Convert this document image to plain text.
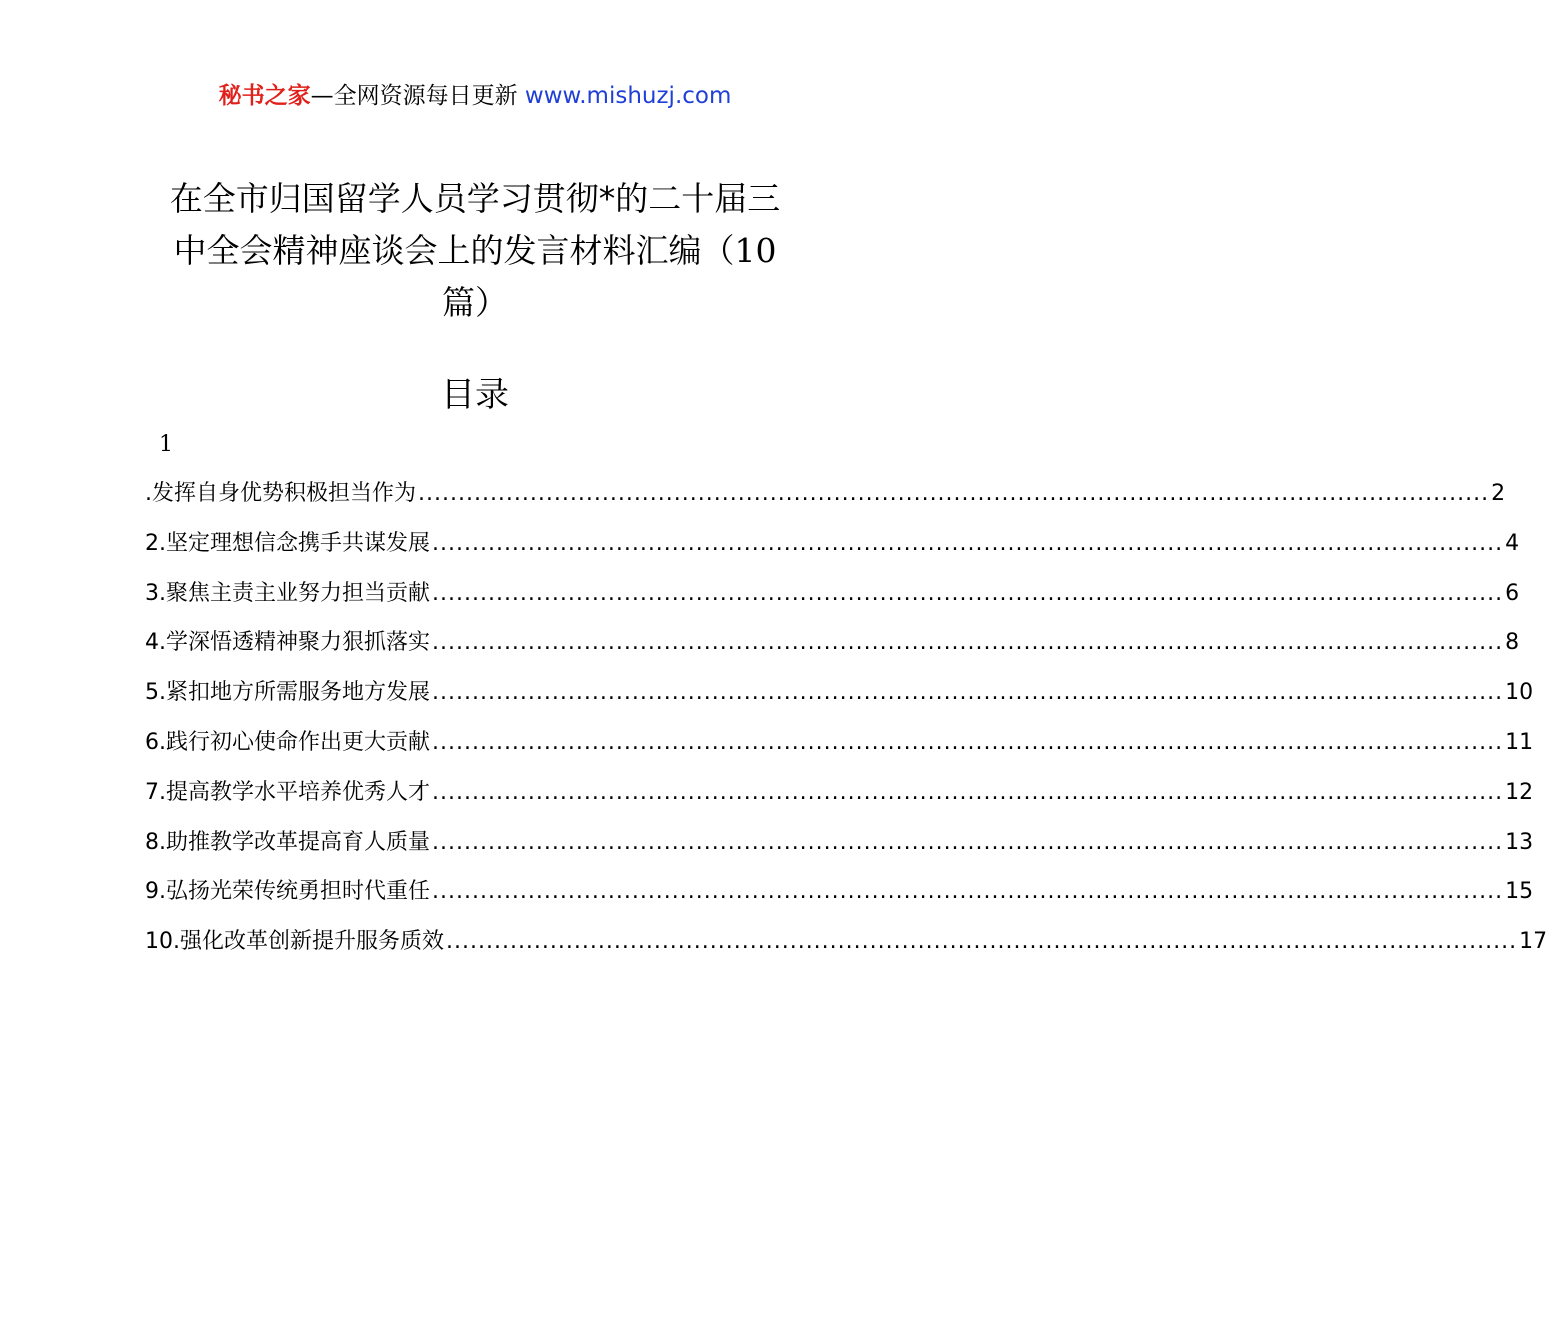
秘书之家—全网资源每日更新 www.mishuzj.com
在全市归国留学人员学习贯彻*的二十届三
中全会精神座谈会上的发言材料汇编（10
篇）
目录
1
.发挥自身优势积极担当作为 ...................................................................................................................................... 2
2.坚定理想信念携手共谋发展 ...................................................................................................................................... 4
3.聚焦主责主业努力担当贡献 ...................................................................................................................................... 6
4.学深悟透精神聚力狠抓落实 ...................................................................................................................................... 8
5.紧扣地方所需服务地方发展 ...................................................................................................................................... 10
6.践行初心使命作出更大贡献 ...................................................................................................................................... 11
7.提高教学水平培养优秀人才 ...................................................................................................................................... 12
8.助推教学改革提高育人质量 ...................................................................................................................................... 13
9.弘扬光荣传统勇担时代重任 ...................................................................................................................................... 15
10.强化改革创新提升服务质效 ...................................................................................................................................... 17
